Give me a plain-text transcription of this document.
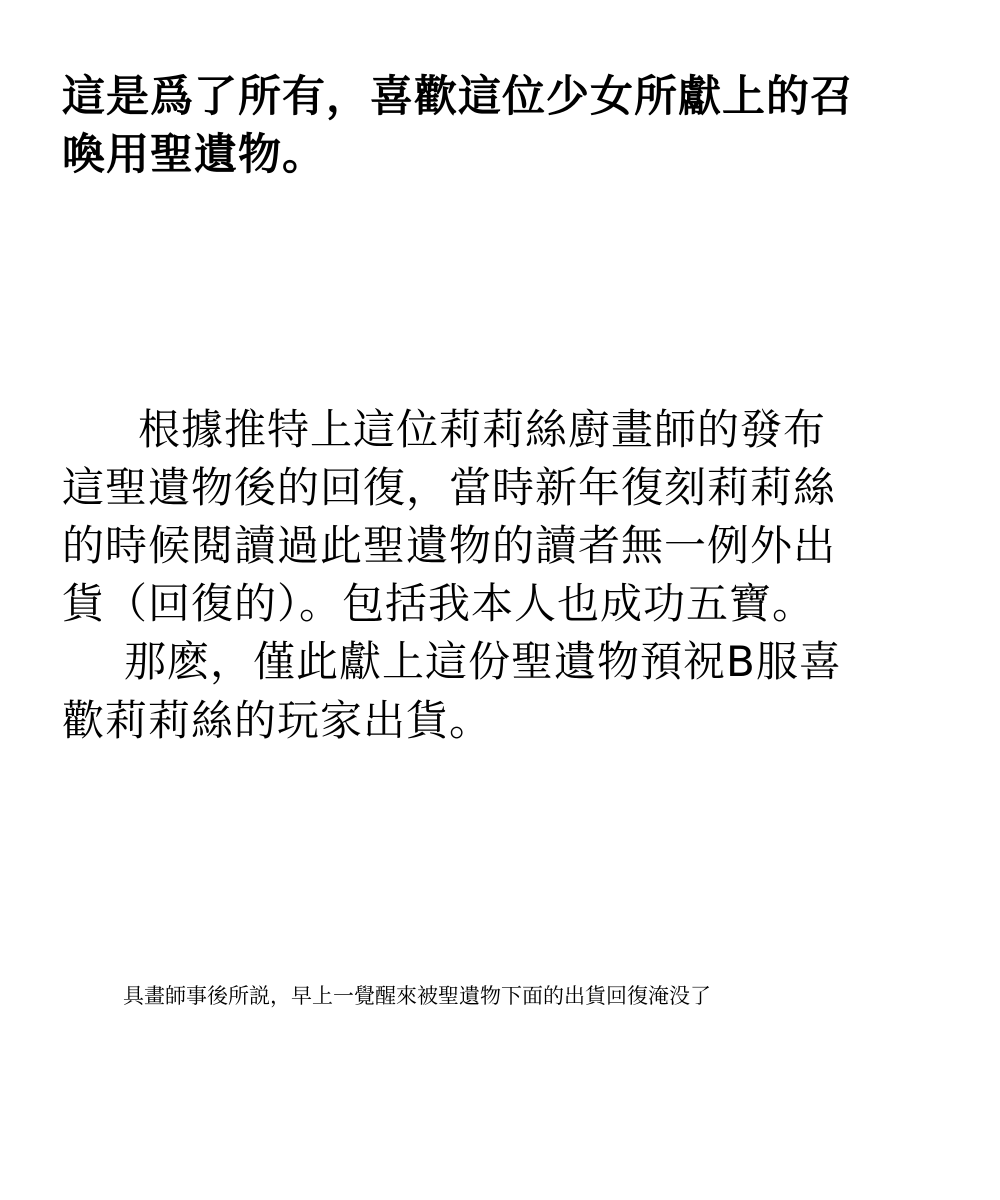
這是爲了所有，喜歡這位少女所獻上的召
喚用聖遺物。
根據推特上這位莉莉絲廚畫師的發布
這聖遺物後的回復，當時新年復刻莉莉絲
的時候閱讀過此聖遺物的讀者無一例外出
貨（回復的）。包括我本人也成功五寶。
那麽，僅此獻上這份聖遺物預祝B服喜
歡莉莉絲的玩家出貨。
具畫師事後所説，早上一覺醒來被聖遺物下面的出貨回復淹没了
